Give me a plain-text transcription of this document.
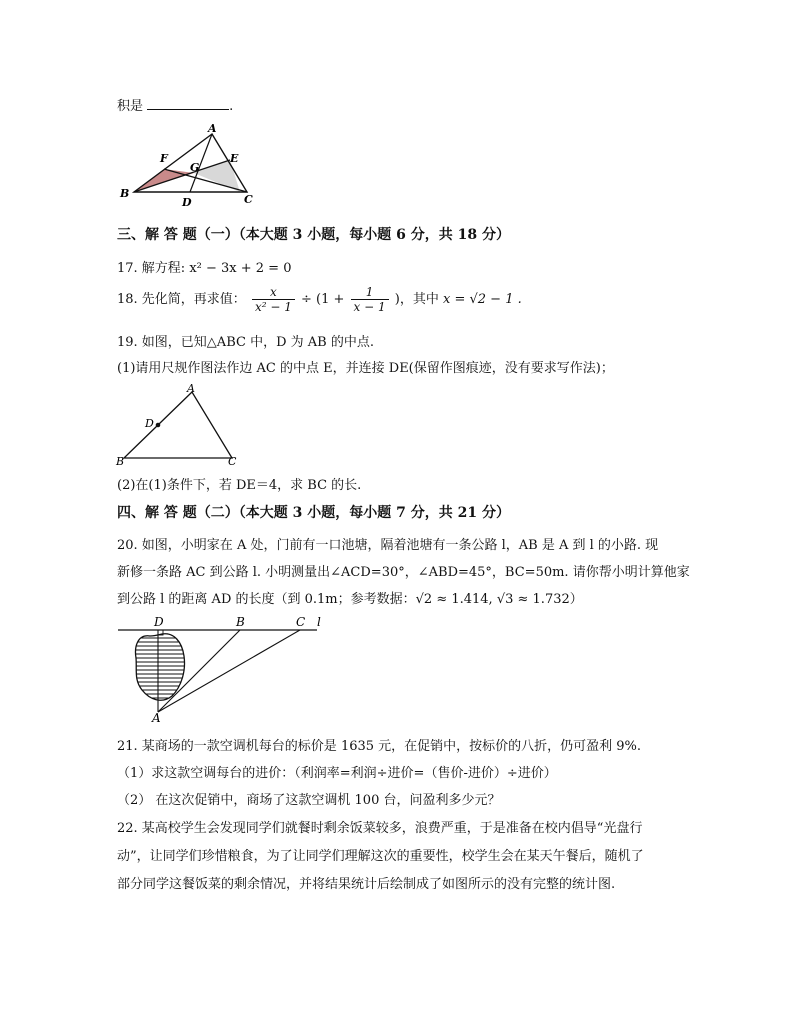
积是	.
A
B	C
D
E
F
G
三、解 答 题（一）（本大题 3 小题，每小题 6 分，共 18 分）
17. 解方程: x² − 3x + 2 = 0
18. 先化简，再求值： $\frac{x}{\text{x² − 1}} \div (1 + \frac{1}{x - 1}$ )，其中 x = √2 − 1 .
19. 如图，已知△ABC 中，D 为 AB 的中点.
(1)请用尺规作图法作边 AC 的中点 E，并连接 DE(保留作图痕迹，没有要求写作法)；
A
B	C
D
(2)在(1)条件下，若 DE＝4，求 BC 的长.
四、解 答 题（二）（本大题 3 小题，每小题 7 分，共 21 分）
20. 如图，小明家在 A 处，门前有一口池塘，隔着池塘有一条公路 l，AB 是 A 到 l 的小路. 现
新修一条路 AC 到公路 l. 小明测量出∠ACD=30°，∠ABD=45°，BC=50m. 请你帮小明计算他家
到公路 l 的距离 AD 的长度（到 0.1m；参考数据：√2 ≈ 1.414, √3 ≈ 1.732）
D	B	C l
A
21. 某商场的一款空调机每台的标价是 1635 元，在促销中，按标价的八折，仍可盈利 9%.
（1）求这款空调每台的进价：（利润率=利润÷进价=（售价-进价）÷进价）
（2） 在这次促销中，商场了这款空调机 100 台，问盈利多少元？
22. 某高校学生会发现同学们就餐时剩余饭菜较多，浪费严重，于是准备在校内倡导“光盘行
动”，让同学们珍惜粮食，为了让同学们理解这次的重要性，校学生会在某天午餐后，随机了
部分同学这餐饭菜的剩余情况，并将结果统计后绘制成了如图所示的没有完整的统计图.
